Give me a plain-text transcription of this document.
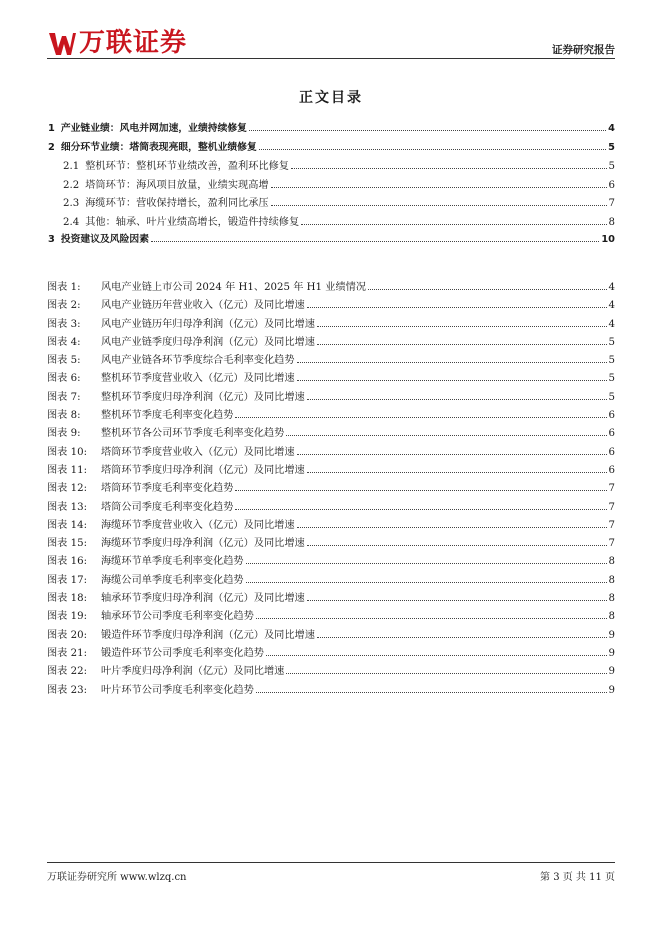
万联证券	证券研究报告
正文目录
1 产业链业绩：风电并网加速，业绩持续修复	4
2 细分环节业绩：塔筒表现亮眼，整机业绩修复	5
2.1 整机环节：整机环节业绩改善，盈利环比修复	5
2.2 塔筒环节：海风项目放量，业绩实现高增	6
2.3 海缆环节：营收保持增长，盈利同比承压	7
2.4 其他：轴承、叶片业绩高增长，锻造件持续修复	8
3 投资建议及风险因素	10
图表 1:	风电产业链上市公司 2024 年 H1、2025 年 H1 业绩情况	4
图表 2:	风电产业链历年营业收入（亿元）及同比增速	4
图表 3:	风电产业链历年归母净利润（亿元）及同比增速	4
图表 4:	风电产业链季度归母净利润（亿元）及同比增速	5
图表 5:	风电产业链各环节季度综合毛利率变化趋势	5
图表 6:	整机环节季度营业收入（亿元）及同比增速	5
图表 7:	整机环节季度归母净利润（亿元）及同比增速	5
图表 8:	整机环节季度毛利率变化趋势	6
图表 9:	整机环节各公司环节季度毛利率变化趋势	6
图表 10:	塔筒环节季度营业收入（亿元）及同比增速	6
图表 11:	塔筒环节季度归母净利润（亿元）及同比增速	6
图表 12:	塔筒环节季度毛利率变化趋势	7
图表 13:	塔筒公司季度毛利率变化趋势	7
图表 14:	海缆环节季度营业收入（亿元）及同比增速	7
图表 15:	海缆环节季度归母净利润（亿元）及同比增速	7
图表 16:	海缆环节单季度毛利率变化趋势	8
图表 17:	海缆公司单季度毛利率变化趋势	8
图表 18:	轴承环节季度归母净利润（亿元）及同比增速	8
图表 19:	轴承环节公司季度毛利率变化趋势	8
图表 20:	锻造件环节季度归母净利润（亿元）及同比增速	9
图表 21:	锻造件环节公司季度毛利率变化趋势	9
图表 22:	叶片季度归母净利润（亿元）及同比增速	9
图表 23:	叶片环节公司季度毛利率变化趋势	9
万联证券研究所 www.wlzq.cn	第 3 页 共 11 页
